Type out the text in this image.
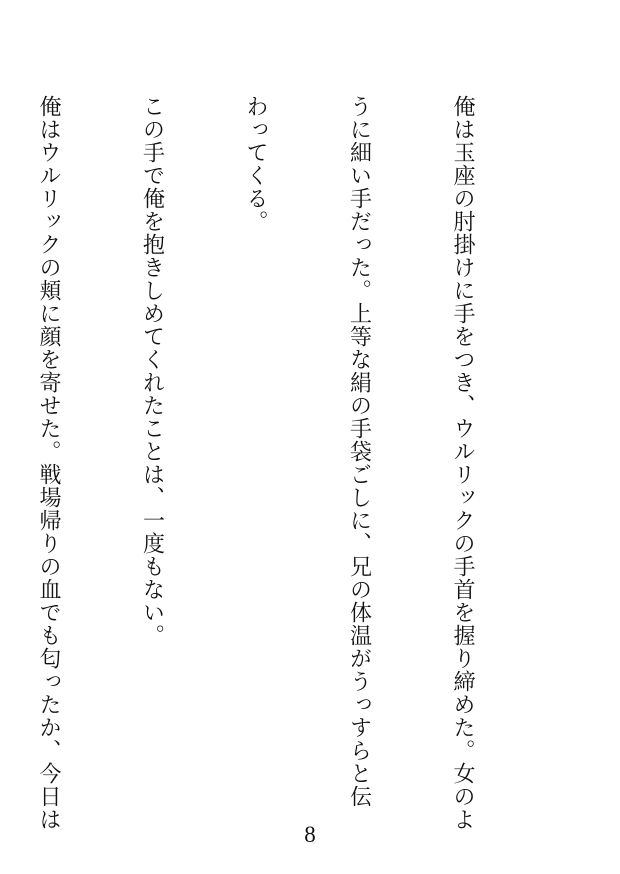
俺は玉座の肘掛けに手をつき、ウルリックの手首を握り締めた。女のよ

うに細い手だった。上等な絹の手袋ごしに、兄の体温がうっすらと伝

わってくる。

この手で俺を抱きしめてくれたことは、一度もない。

俺はウルリックの頬に顔を寄せた。戦場帰りの血でも匂ったか、今日は

8
